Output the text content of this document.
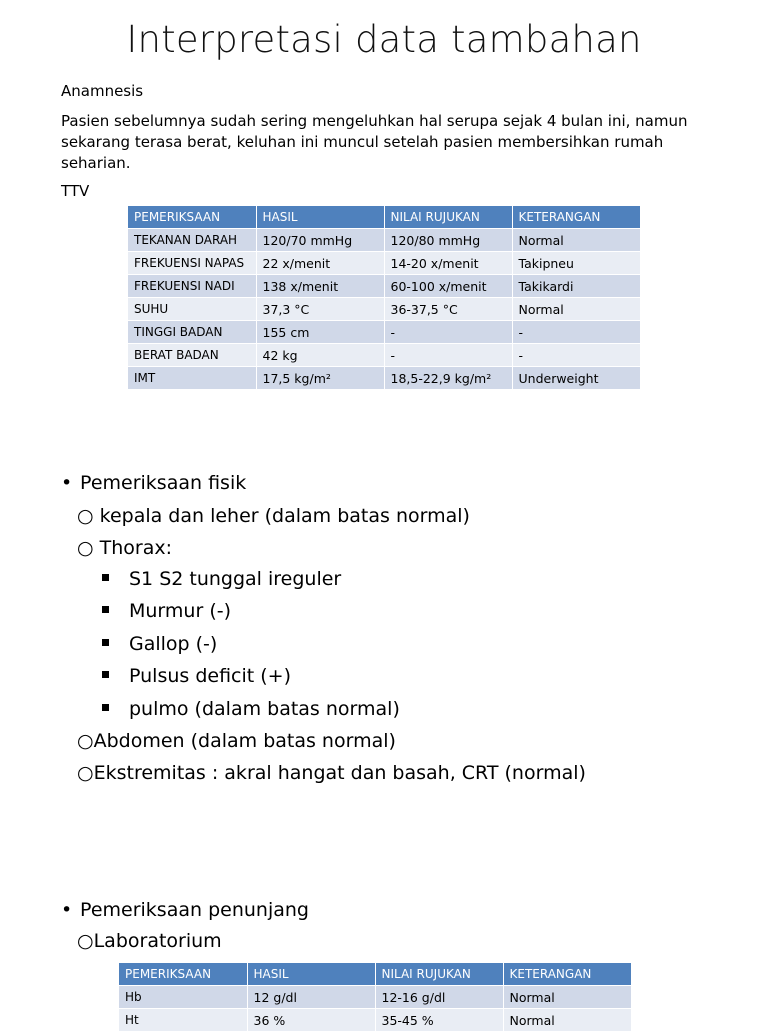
Interpretasi data tambahan
Anamnesis
Pasien sebelumnya sudah sering mengeluhkan hal serupa sejak 4 bulan ini, namun sekarang terasa berat, keluhan ini muncul setelah pasien membersihkan rumah seharian.
TTV
PEMERIKSAAN	HASIL	NILAI RUJUKAN	KETERANGAN
TEKANAN DARAH	120/70 mmHg	120/80 mmHg	Normal
FREKUENSI NAPAS	22 x/menit	14-20 x/menit	Takipneu
FREKUENSI NADI	138 x/menit	60-100 x/menit	Takikardi
SUHU	37,3 °C	36-37,5 °C	Normal
TINGGI BADAN	155 cm	-	-
BERAT BADAN	42 kg	-	-
IMT	17,5 kg/m²	18,5-22,9 kg/m²	Underweight
• Pemeriksaan fisik
○ kepala dan leher (dalam batas normal)
○ Thorax:
S1 S2 tunggal ireguler
Murmur (-)
Gallop (-)
Pulsus deficit (+)
pulmo (dalam batas normal)
○Abdomen (dalam batas normal)
○Ekstremitas : akral hangat dan basah, CRT (normal)
• Pemeriksaan penunjang
○Laboratorium
PEMERIKSAAN	HASIL	NILAI RUJUKAN	KETERANGAN
Hb	12 g/dl	12-16 g/dl	Normal
Ht	36 %	35-45 %	Normal
